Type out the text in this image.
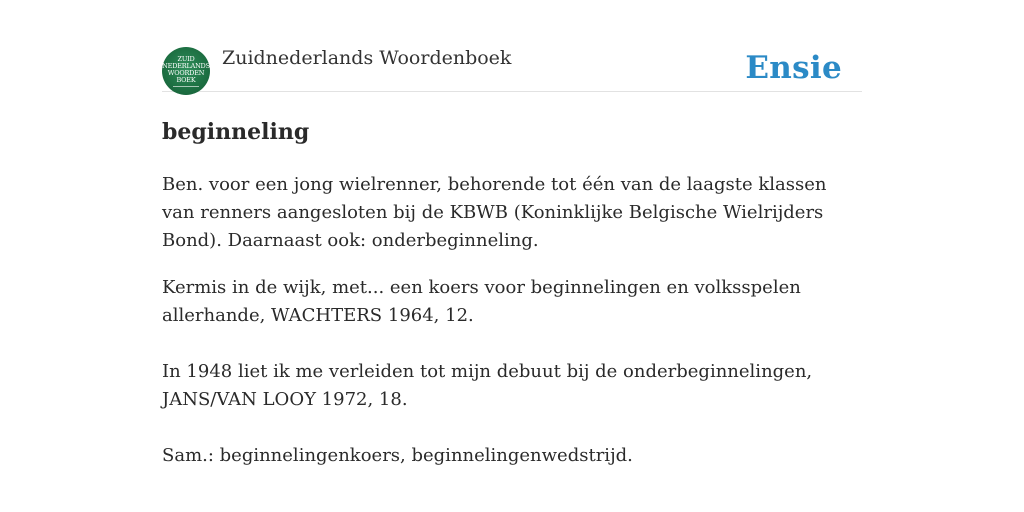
ZUID
NEDERLANDS
WOORDEN
BOEK
Zuidnederlands Woordenboek	Ensie
beginneling

Ben. voor een jong wielrenner, behorende tot één van de laagste klassen van renners aangesloten bij de KBWB (Koninklijke Belgische Wielrijders Bond). Daarnaast ook: onderbeginneling.

Kermis in de wijk, met... een koers voor beginnelingen en volksspelen allerhande, WACHTERS 1964, 12.

In 1948 liet ik me verleiden tot mijn debuut bij de onderbeginnelingen, JANS/VAN LOOY 1972, 18.

Sam.: beginnelingenkoers, beginnelingenwedstrijd.
